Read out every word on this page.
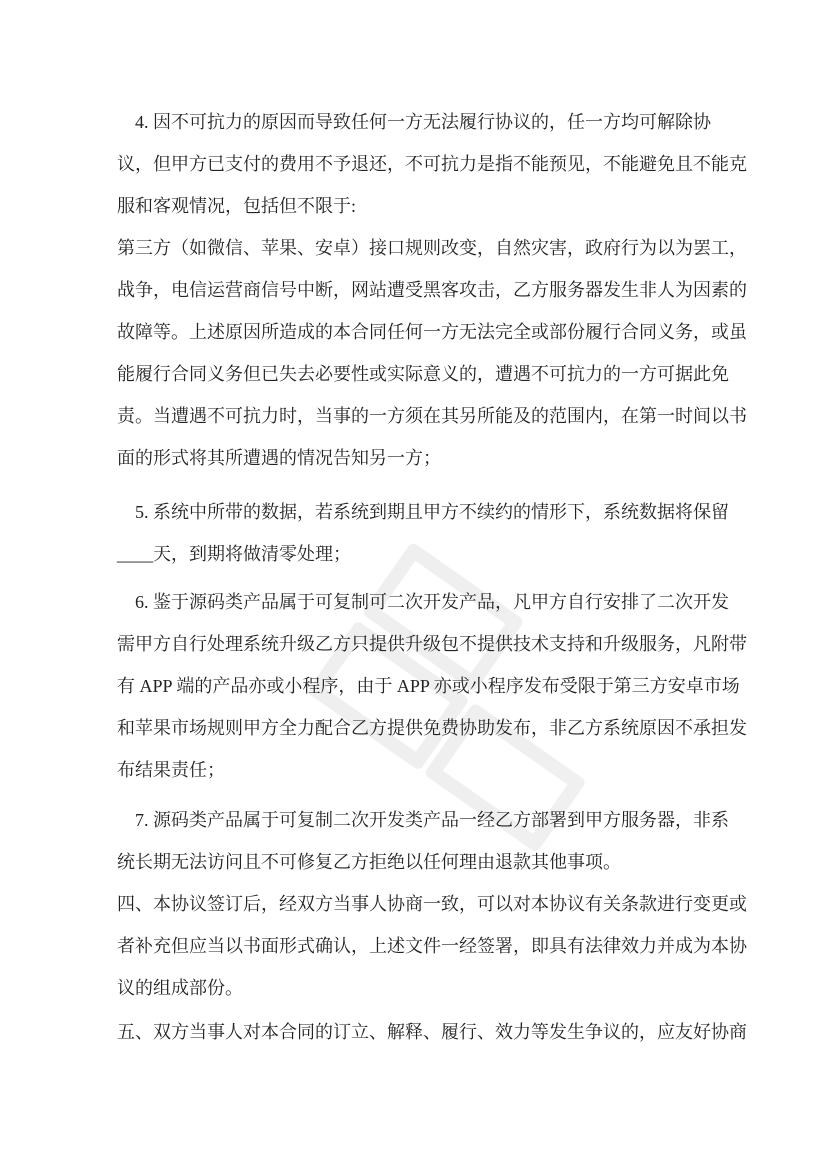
4. 因不可抗力的原因而导致任何一方无法履行协议的，任一方均可解除协
议，但甲方已支付的费用不予退还，不可抗力是指不能预见，不能避免且不能克
服和客观情况，包括但不限于:
第三方（如微信、苹果、安卓）接口规则改变，自然灾害，政府行为以为罢工，
战争，电信运营商信号中断，网站遭受黑客攻击，乙方服务器发生非人为因素的
故障等。上述原因所造成的本合同任何一方无法完全或部份履行合同义务，或虽
能履行合同义务但已失去必要性或实际意义的，遭遇不可抗力的一方可据此免
责。当遭遇不可抗力时，当事的一方须在其另所能及的范围内，在第一时间以书
面的形式将其所遭遇的情况告知另一方；
5. 系统中所带的数据，若系统到期且甲方不续约的情形下，系统数据将保留
____天，到期将做清零处理；
6. 鉴于源码类产品属于可复制可二次开发产品，凡甲方自行安排了二次开发
需甲方自行处理系统升级乙方只提供升级包不提供技术支持和升级服务，凡附带
有 APP 端的产品亦或小程序，由于 APP 亦或小程序发布受限于第三方安卓市场
和苹果市场规则甲方全力配合乙方提供免费协助发布，非乙方系统原因不承担发
布结果责任；
7. 源码类产品属于可复制二次开发类产品一经乙方部署到甲方服务器，非系
统长期无法访问且不可修复乙方拒绝以任何理由退款其他事项。
四、本协议签订后，经双方当事人协商一致，可以对本协议有关条款进行变更或
者补充但应当以书面形式确认，上述文件一经签署，即具有法律效力并成为本协
议的组成部份。
五、双方当事人对本合同的订立、解释、履行、效力等发生争议的，应友好协商
